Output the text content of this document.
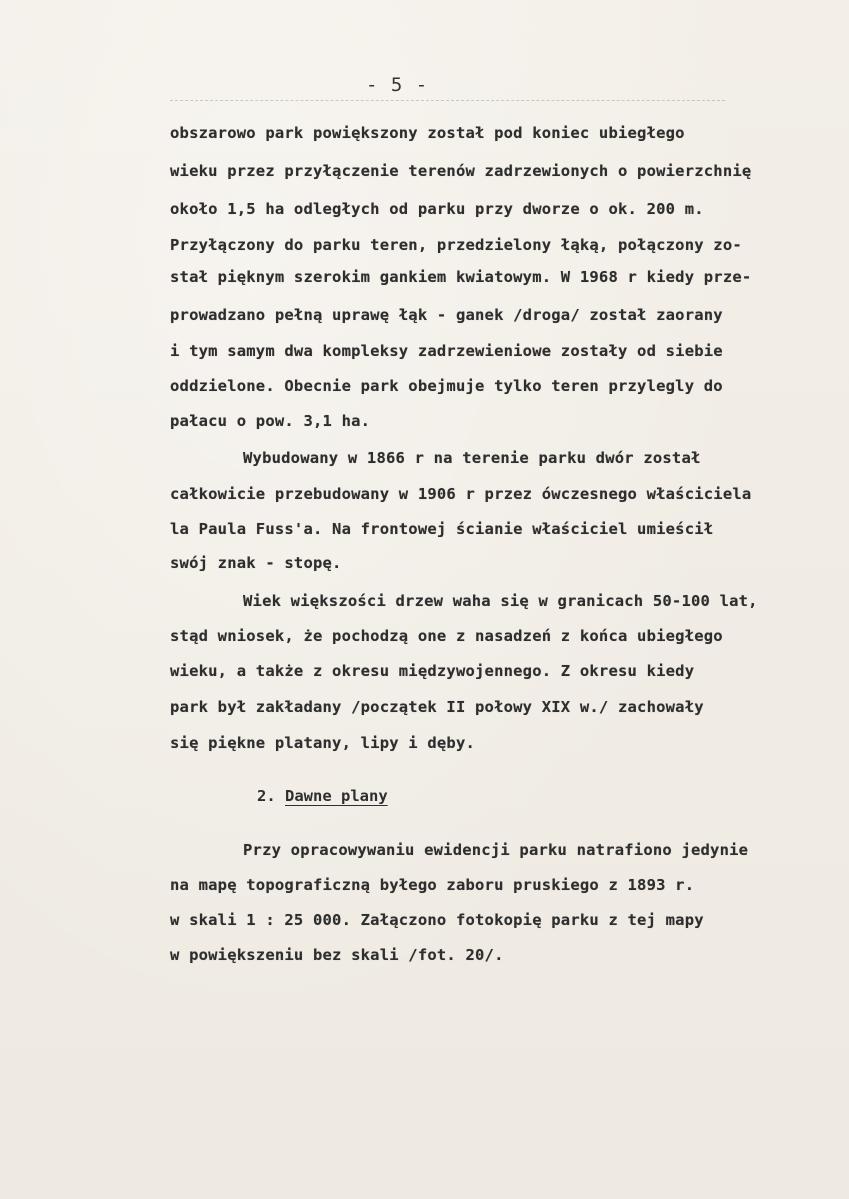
- 5 -
obszarowo park powiększony został pod koniec ubiegłego
wieku przez przyłączenie terenów zadrzewionych o powierzchnię
około 1,5 ha odległych od parku przy dworze o ok. 200 m.
Przyłączony do parku teren, przedzielony łąką, połączony zo-
stał pięknym szerokim gankiem kwiatowym. W 1968 r kiedy prze-
prowadzano pełną uprawę łąk - ganek /droga/ został zaorany
i tym samym dwa kompleksy zadrzewieniowe zostały od siebie
oddzielone. Obecnie park obejmuje tylko teren przylegly do
pałacu o pow. 3,1 ha.
Wybudowany w 1866 r na terenie parku dwór został
całkowicie przebudowany w 1906 r przez ówczesnego właściciela
la Paula Fuss'a. Na frontowej ścianie właściciel umieścił
swój znak - stopę.
Wiek większości drzew waha się w granicach 50-100 lat,
stąd wniosek, że pochodzą one z nasadzeń z końca ubiegłego
wieku, a także z okresu międzywojennego. Z okresu kiedy
park był zakładany /początek II połowy XIX w./ zachowały
się piękne platany, lipy i dęby.
2. Dawne plany
Przy opracowywaniu ewidencji parku natrafiono jedynie
na mapę topograficzną byłego zaboru pruskiego z 1893 r.
w skali 1 : 25 000. Załączono fotokopię parku z tej mapy
w powiększeniu bez skali /fot. 20/.
